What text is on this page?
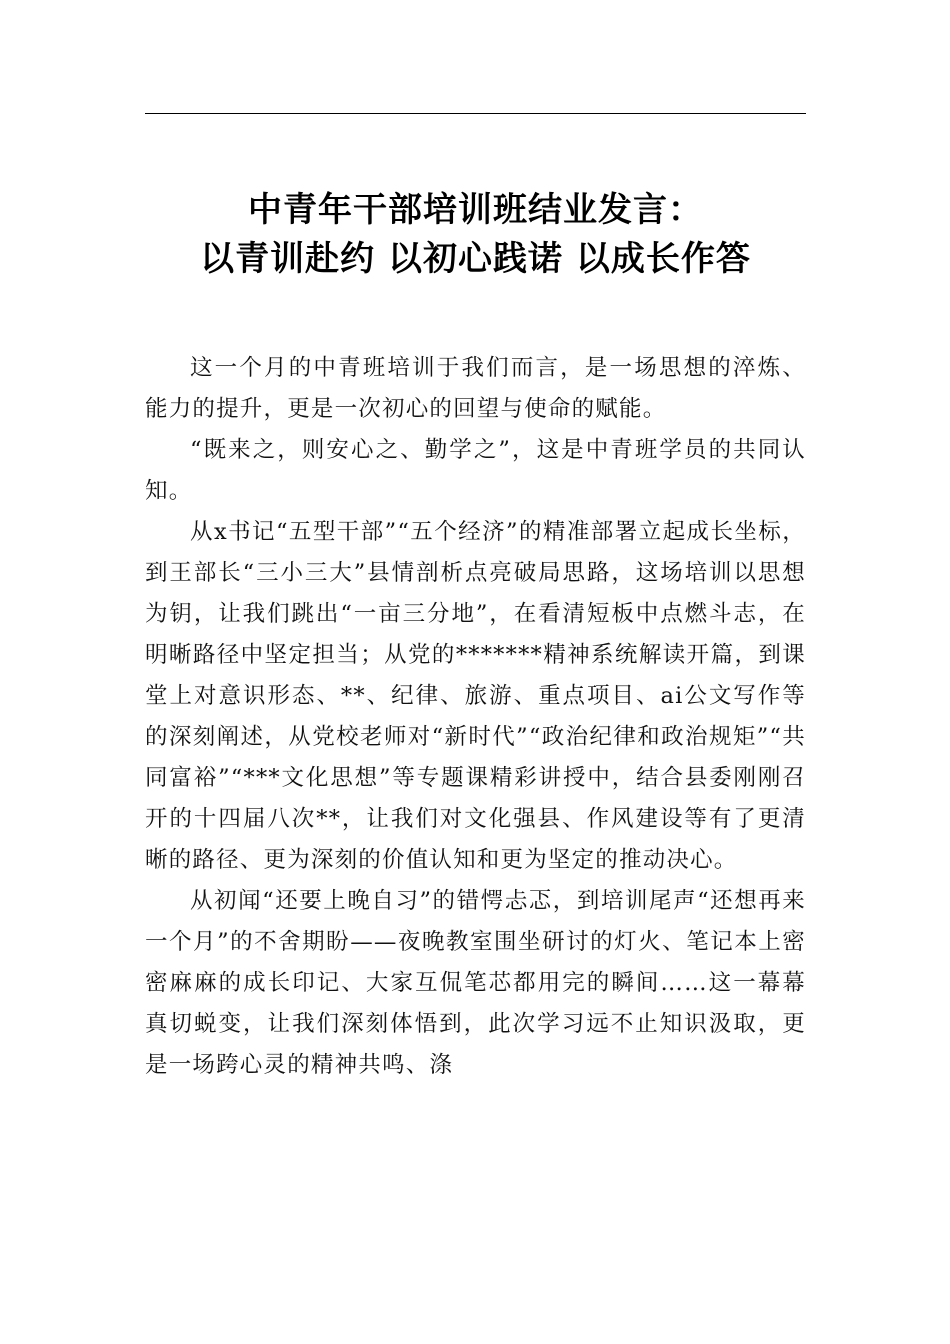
中青年干部培训班结业发言：
以青训赴约 以初心践诺 以成长作答

这一个月的中青班培训于我们而言，是一场思想的淬炼、能力的提升，更是一次初心的回望与使命的赋能。

“既来之，则安心之、勤学之”，这是中青班学员的共同认知。

从x书记“五型干部”“五个经济”的精准部署立起成长坐标，到王部长“三小三大”县情剖析点亮破局思路，这场培训以思想为钥，让我们跳出“一亩三分地”，在看清短板中点燃斗志，在明晰路径中坚定担当；从党的*******精神系统解读开篇，到课堂上对意识形态、**、纪律、旅游、重点项目、ai公文写作等的深刻阐述，从党校老师对“新时代”“政治纪律和政治规矩”“共同富裕”“***文化思想”等专题课精彩讲授中，结合县委刚刚召开的十四届八次**，让我们对文化强县、作风建设等有了更清晰的路径、更为深刻的价值认知和更为坚定的推动决心。

从初闻“还要上晚自习”的错愕忐忑，到培训尾声“还想再来一个月”的不舍期盼——夜晚教室围坐研讨的灯火、笔记本上密密麻麻的成长印记、大家互侃笔芯都用完的瞬间……这一幕幕真切蜕变，让我们深刻体悟到，此次学习远不止知识汲取，更是一场跨心灵的精神共鸣、涤
